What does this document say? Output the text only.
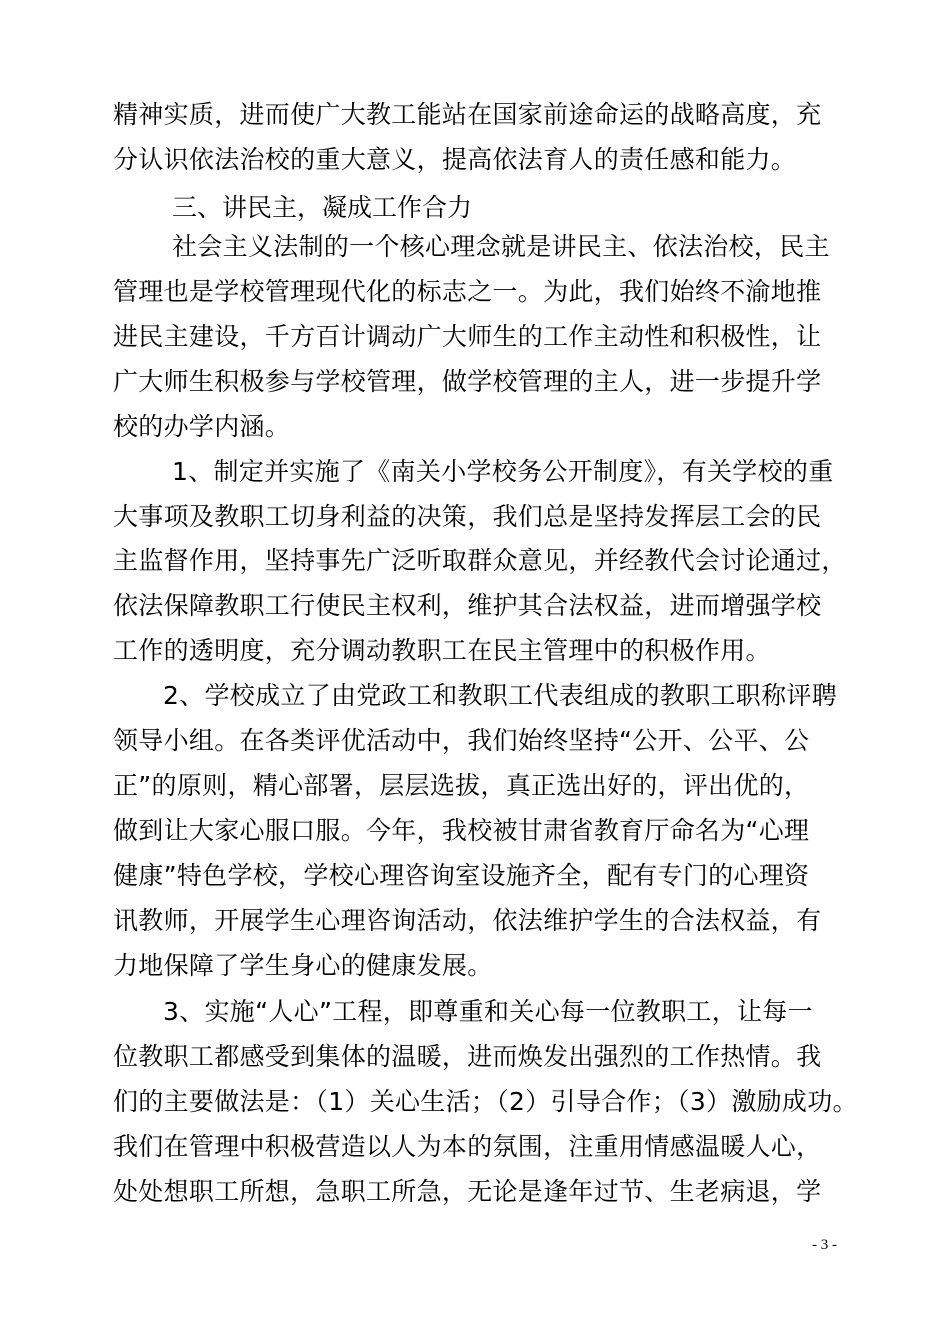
精神实质，进而使广大教工能站在国家前途命运的战略高度，充
分认识依法治校的重大意义，提高依法育人的责任感和能力。
三、讲民主，凝成工作合力
社会主义法制的一个核心理念就是讲民主、依法治校，民主
管理也是学校管理现代化的标志之一。为此，我们始终不渝地推
进民主建设，千方百计调动广大师生的工作主动性和积极性，让
广大师生积极参与学校管理，做学校管理的主人，进一步提升学
校的办学内涵。
1、制定并实施了《南关小学校务公开制度》，有关学校的重
大事项及教职工切身利益的决策，我们总是坚持发挥层工会的民
主监督作用，坚持事先广泛听取群众意见，并经教代会讨论通过，
依法保障教职工行使民主权利，维护其合法权益，进而增强学校
工作的透明度，充分调动教职工在民主管理中的积极作用。
2、学校成立了由党政工和教职工代表组成的教职工职称评聘
领导小组。在各类评优活动中，我们始终坚持“公开、公平、公
正”的原则，精心部署，层层选拔，真正选出好的，评出优的，
做到让大家心服口服。今年，我校被甘肃省教育厅命名为“心理
健康”特色学校，学校心理咨询室设施齐全，配有专门的心理资
讯教师，开展学生心理咨询活动，依法维护学生的合法权益，有
力地保障了学生身心的健康发展。
3、实施“人心”工程，即尊重和关心每一位教职工，让每一
位教职工都感受到集体的温暖，进而焕发出强烈的工作热情。我
们的主要做法是：（1）关心生活；（2）引导合作；（3）激励成功。
我们在管理中积极营造以人为本的氛围，注重用情感温暖人心，
处处想职工所想，急职工所急，无论是逢年过节、生老病退，学
- 3 -
